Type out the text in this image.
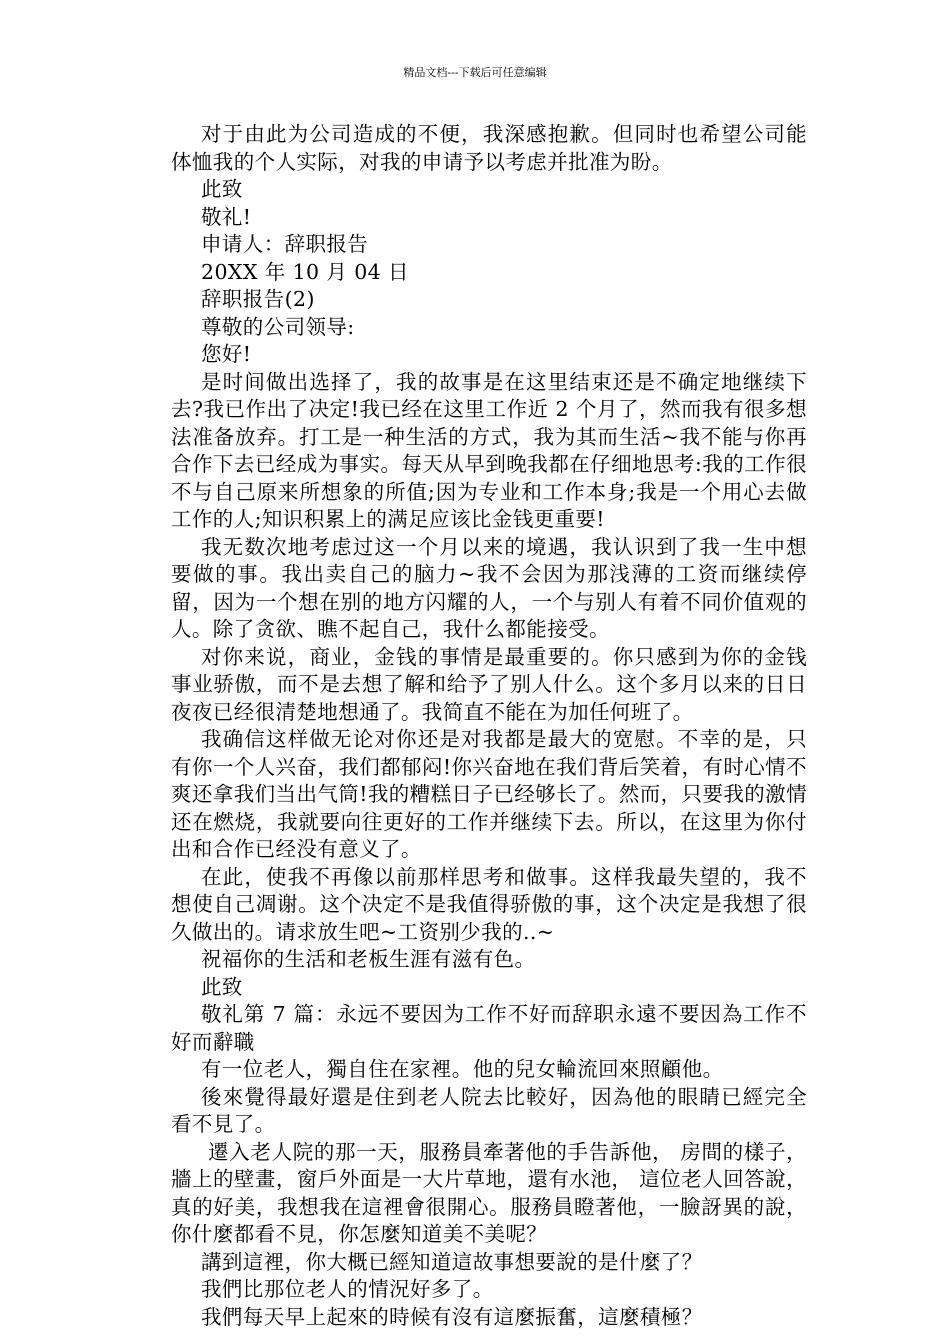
精品文档---下载后可任意编辑

对于由此为公司造成的不便，我深感抱歉。但同时也希望公司能体恤我的个人实际，对我的申请予以考虑并批准为盼。

此致

敬礼!

申请人：辞职报告

20XX 年 10 月 04 日

辞职报告(2)

尊敬的公司领导:

您好!

是时间做出选择了，我的故事是在这里结束还是不确定地继续下去?我已作出了决定!我已经在这里工作近 2 个月了，然而我有很多想法准备放弃。打工是一种生活的方式，我为其而生活~我不能与你再合作下去已经成为事实。每天从早到晚我都在仔细地思考:我的工作很不与自己原来所想象的所值;因为专业和工作本身;我是一个用心去做工作的人;知识积累上的满足应该比金钱更重要!

我无数次地考虑过这一个月以来的境遇，我认识到了我一生中想要做的事。我出卖自己的脑力~我不会因为那浅薄的工资而继续停留，因为一个想在别的地方闪耀的人，一个与别人有着不同价值观的人。除了贪欲、瞧不起自己，我什么都能接受。

对你来说，商业，金钱的事情是最重要的。你只感到为你的金钱事业骄傲，而不是去想了解和给予了别人什么。这个多月以来的日日夜夜已经很清楚地想通了。我简直不能在为加任何班了。

我确信这样做无论对你还是对我都是最大的宽慰。不幸的是，只有你一个人兴奋，我们都郁闷!你兴奋地在我们背后笑着，有时心情不爽还拿我们当出气筒!我的糟糕日子已经够长了。然而，只要我的激情还在燃烧，我就要向往更好的工作并继续下去。所以，在这里为你付出和合作已经没有意义了。

在此，使我不再像以前那样思考和做事。这样我最失望的，我不想使自己凋谢。这个决定不是我值得骄傲的事，这个决定是我想了很久做出的。请求放生吧~工资别少我的..~

祝福你的生活和老板生涯有滋有色。

此致

敬礼第 7 篇：永远不要因为工作不好而辞职永遠不要因為工作不好而辭職

有一位老人，獨自住在家裡。他的兒女輪流回來照顧他。

後來覺得最好還是住到老人院去比較好，因為他的眼睛已經完全看不見了。

遷入老人院的那一天，服務員牽著他的手告訴他， 房間的樣子，牆上的壁畫，窗戶外面是一大片草地，還有水池， 這位老人回答說，真的好美，我想我在這裡會很開心。服務員瞪著他，一臉訝異的說，你什麼都看不見，你怎麼知道美不美呢？

講到這裡，你大概已經知道這故事想要說的是什麼了？

我們比那位老人的情況好多了。

我們每天早上起來的時候有沒有這麼振奮，這麼積極？
